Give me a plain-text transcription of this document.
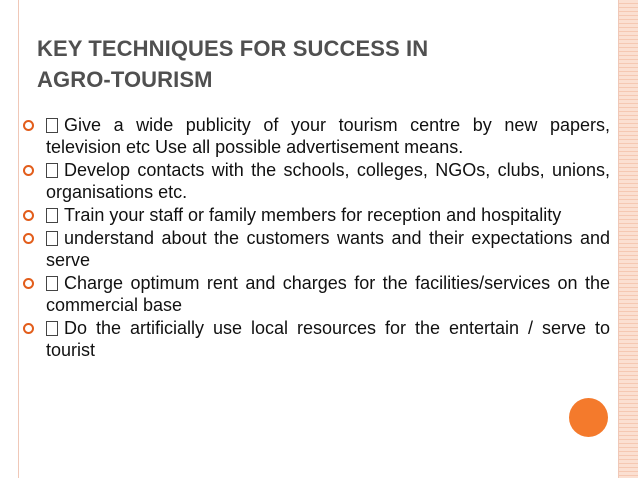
KEY TECHNIQUES FOR SUCCESS IN
AGRO-TOURISM
Give a wide publicity of your tourism centre by new papers, television etc Use all possible advertisement means.
Develop contacts with the schools, colleges, NGOs, clubs, unions, organisations etc.
Train your staff or family members for reception and hospitality
understand about the customers wants and their expectations and serve
Charge optimum rent and charges for the facilities/services on the commercial base
Do the artificially use local resources for the entertain / serve to tourist
